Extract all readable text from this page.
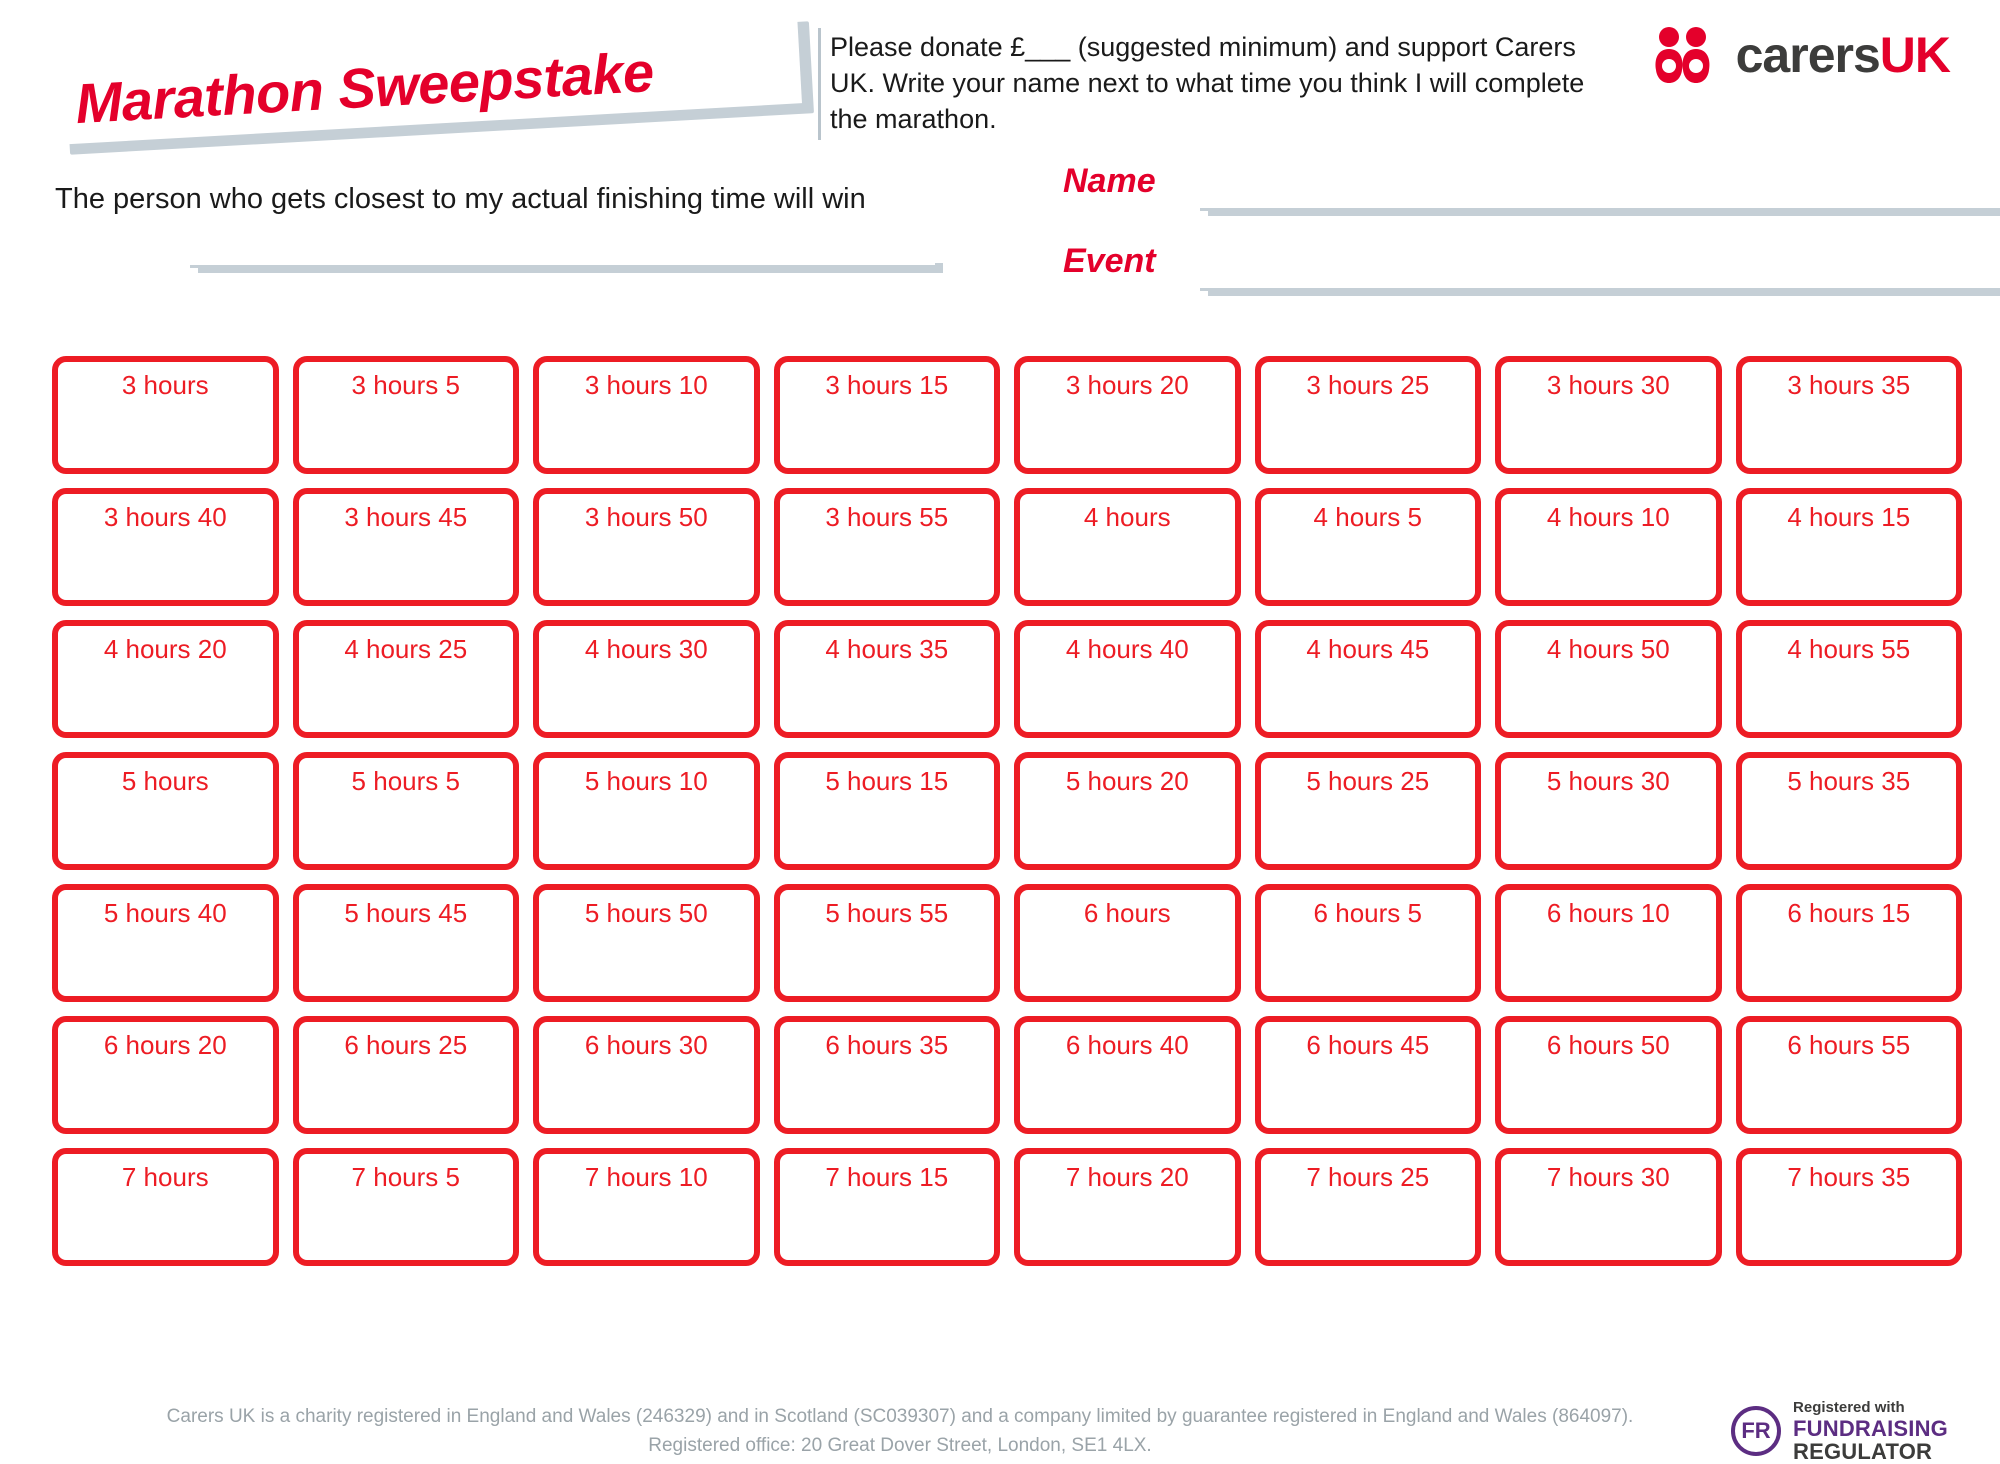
Marathon Sweepstake	Please donate £___ (suggested minimum) and support Carers UK. Write your name next to what time you think I will complete the marathon.
carersUK
The person who gets closest to my actual finishing time will win	Name
Event
3 hours	3 hours 5	3 hours 10	3 hours 15	3 hours 20	3 hours 25	3 hours 30	3 hours 35
3 hours 40	3 hours 45	3 hours 50	3 hours 55	4 hours	4 hours 5	4 hours 10	4 hours 15
4 hours 20	4 hours 25	4 hours 30	4 hours 35	4 hours 40	4 hours 45	4 hours 50	4 hours 55
5 hours	5 hours 5	5 hours 10	5 hours 15	5 hours 20	5 hours 25	5 hours 30	5 hours 35
5 hours 40	5 hours 45	5 hours 50	5 hours 55	6 hours	6 hours 5	6 hours 10	6 hours 15
6 hours 20	6 hours 25	6 hours 30	6 hours 35	6 hours 40	6 hours 45	6 hours 50	6 hours 55
7 hours	7 hours 5	7 hours 10	7 hours 15	7 hours 20	7 hours 25	7 hours 30	7 hours 35
Carers UK is a charity registered in England and Wales (246329) and in Scotland (SC039307) and a company limited by guarantee registered in England and Wales (864097).
Registered office: 20 Great Dover Street, London, SE1 4LX.
FR
Registered with
FUNDRAISING
REGULATOR
